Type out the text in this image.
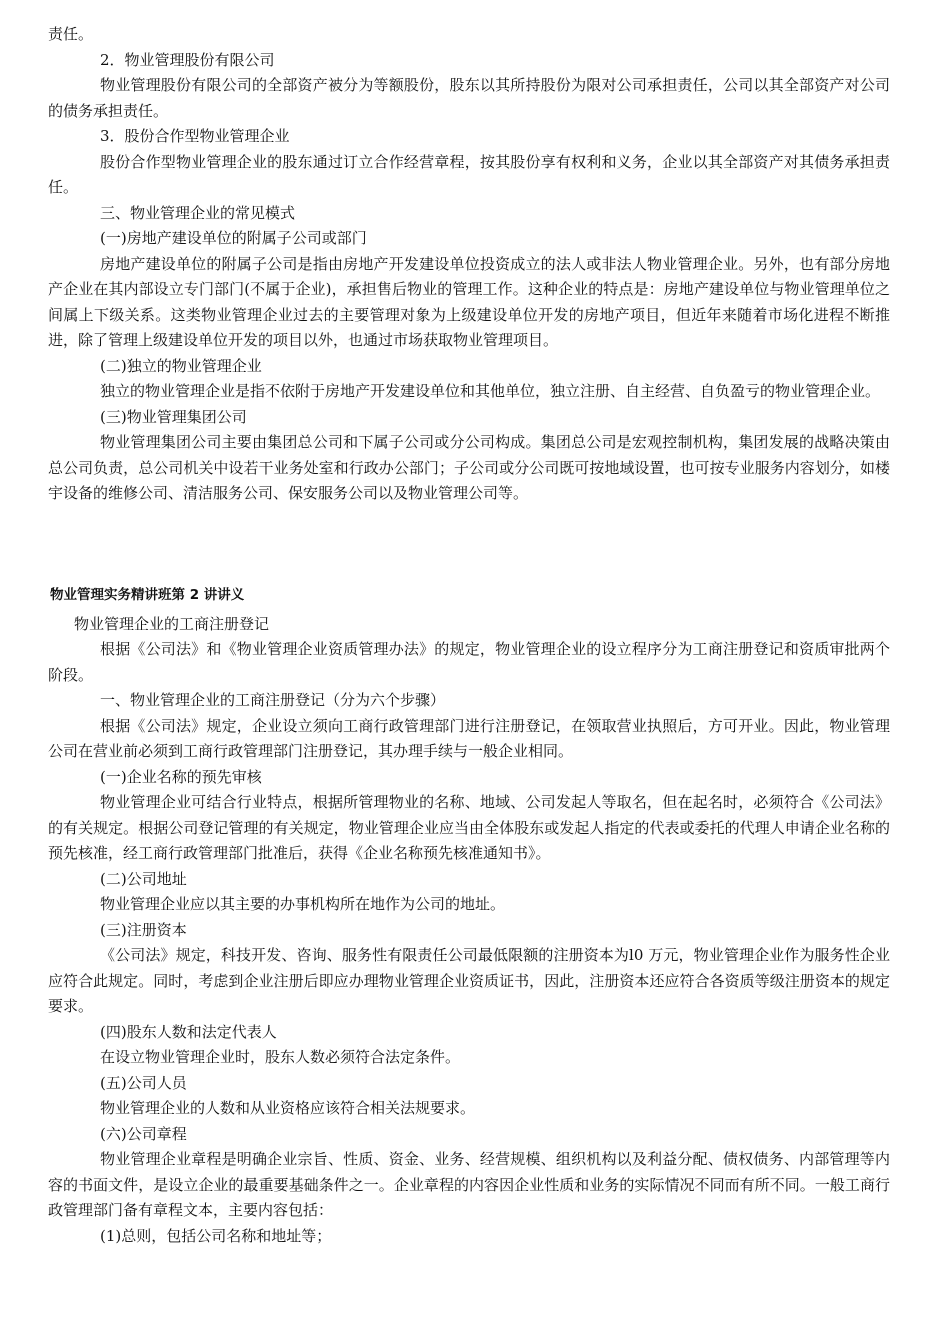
责任。

2．物业管理股份有限公司

物业管理股份有限公司的全部资产被分为等额股份，股东以其所持股份为限对公司承担责任，公司以其全部资产对公司的债务承担责任。

3．股份合作型物业管理企业

股份合作型物业管理企业的股东通过订立合作经营章程，按其股份享有权利和义务，企业以其全部资产对其债务承担责任。

三、物业管理企业的常见模式

(一)房地产建设单位的附属子公司或部门

房地产建设单位的附属子公司是指由房地产开发建设单位投资成立的法人或非法人物业管理企业。另外，也有部分房地产企业在其内部设立专门部门(不属于企业)，承担售后物业的管理工作。这种企业的特点是：房地产建设单位与物业管理单位之间属上下级关系。这类物业管理企业过去的主要管理对象为上级建设单位开发的房地产项目，但近年来随着市场化进程不断推进，除了管理上级建设单位开发的项目以外，也通过市场获取物业管理项目。

(二)独立的物业管理企业

独立的物业管理企业是指不依附于房地产开发建设单位和其他单位，独立注册、自主经营、自负盈亏的物业管理企业。

(三)物业管理集团公司

物业管理集团公司主要由集团总公司和下属子公司或分公司构成。集团总公司是宏观控制机构，集团发展的战略决策由总公司负责，总公司机关中设若干业务处室和行政办公部门；子公司或分公司既可按地域设置，也可按专业服务内容划分，如楼宇设备的维修公司、清洁服务公司、保安服务公司以及物业管理公司等。

物业管理实务精讲班第 2 讲讲义

物业管理企业的工商注册登记

根据《公司法》和《物业管理企业资质管理办法》的规定，物业管理企业的设立程序分为工商注册登记和资质审批两个阶段。

一、物业管理企业的工商注册登记（分为六个步骤）

根据《公司法》规定，企业设立须向工商行政管理部门进行注册登记，在领取营业执照后，方可开业。因此，物业管理公司在营业前必须到工商行政管理部门注册登记，其办理手续与一般企业相同。

(一)企业名称的预先审核

物业管理企业可结合行业特点，根据所管理物业的名称、地域、公司发起人等取名，但在起名时，必须符合《公司法》的有关规定。根据公司登记管理的有关规定，物业管理企业应当由全体股东或发起人指定的代表或委托的代理人申请企业名称的预先核准，经工商行政管理部门批准后，获得《企业名称预先核准通知书》。

(二)公司地址

物业管理企业应以其主要的办事机构所在地作为公司的地址。

(三)注册资本

《公司法》规定，科技开发、咨询、服务性有限责任公司最低限额的注册资本为l0 万元，物业管理企业作为服务性企业应符合此规定。同时，考虑到企业注册后即应办理物业管理企业资质证书，因此，注册资本还应符合各资质等级注册资本的规定要求。

(四)股东人数和法定代表人

在设立物业管理企业时，股东人数必须符合法定条件。

(五)公司人员

物业管理企业的人数和从业资格应该符合相关法规要求。

(六)公司章程

物业管理企业章程是明确企业宗旨、性质、资金、业务、经营规模、组织机构以及利益分配、债权债务、内部管理等内容的书面文件，是设立企业的最重要基础条件之一。企业章程的内容因企业性质和业务的实际情况不同而有所不同。一般工商行政管理部门备有章程文本，主要内容包括：

(1)总则，包括公司名称和地址等；
